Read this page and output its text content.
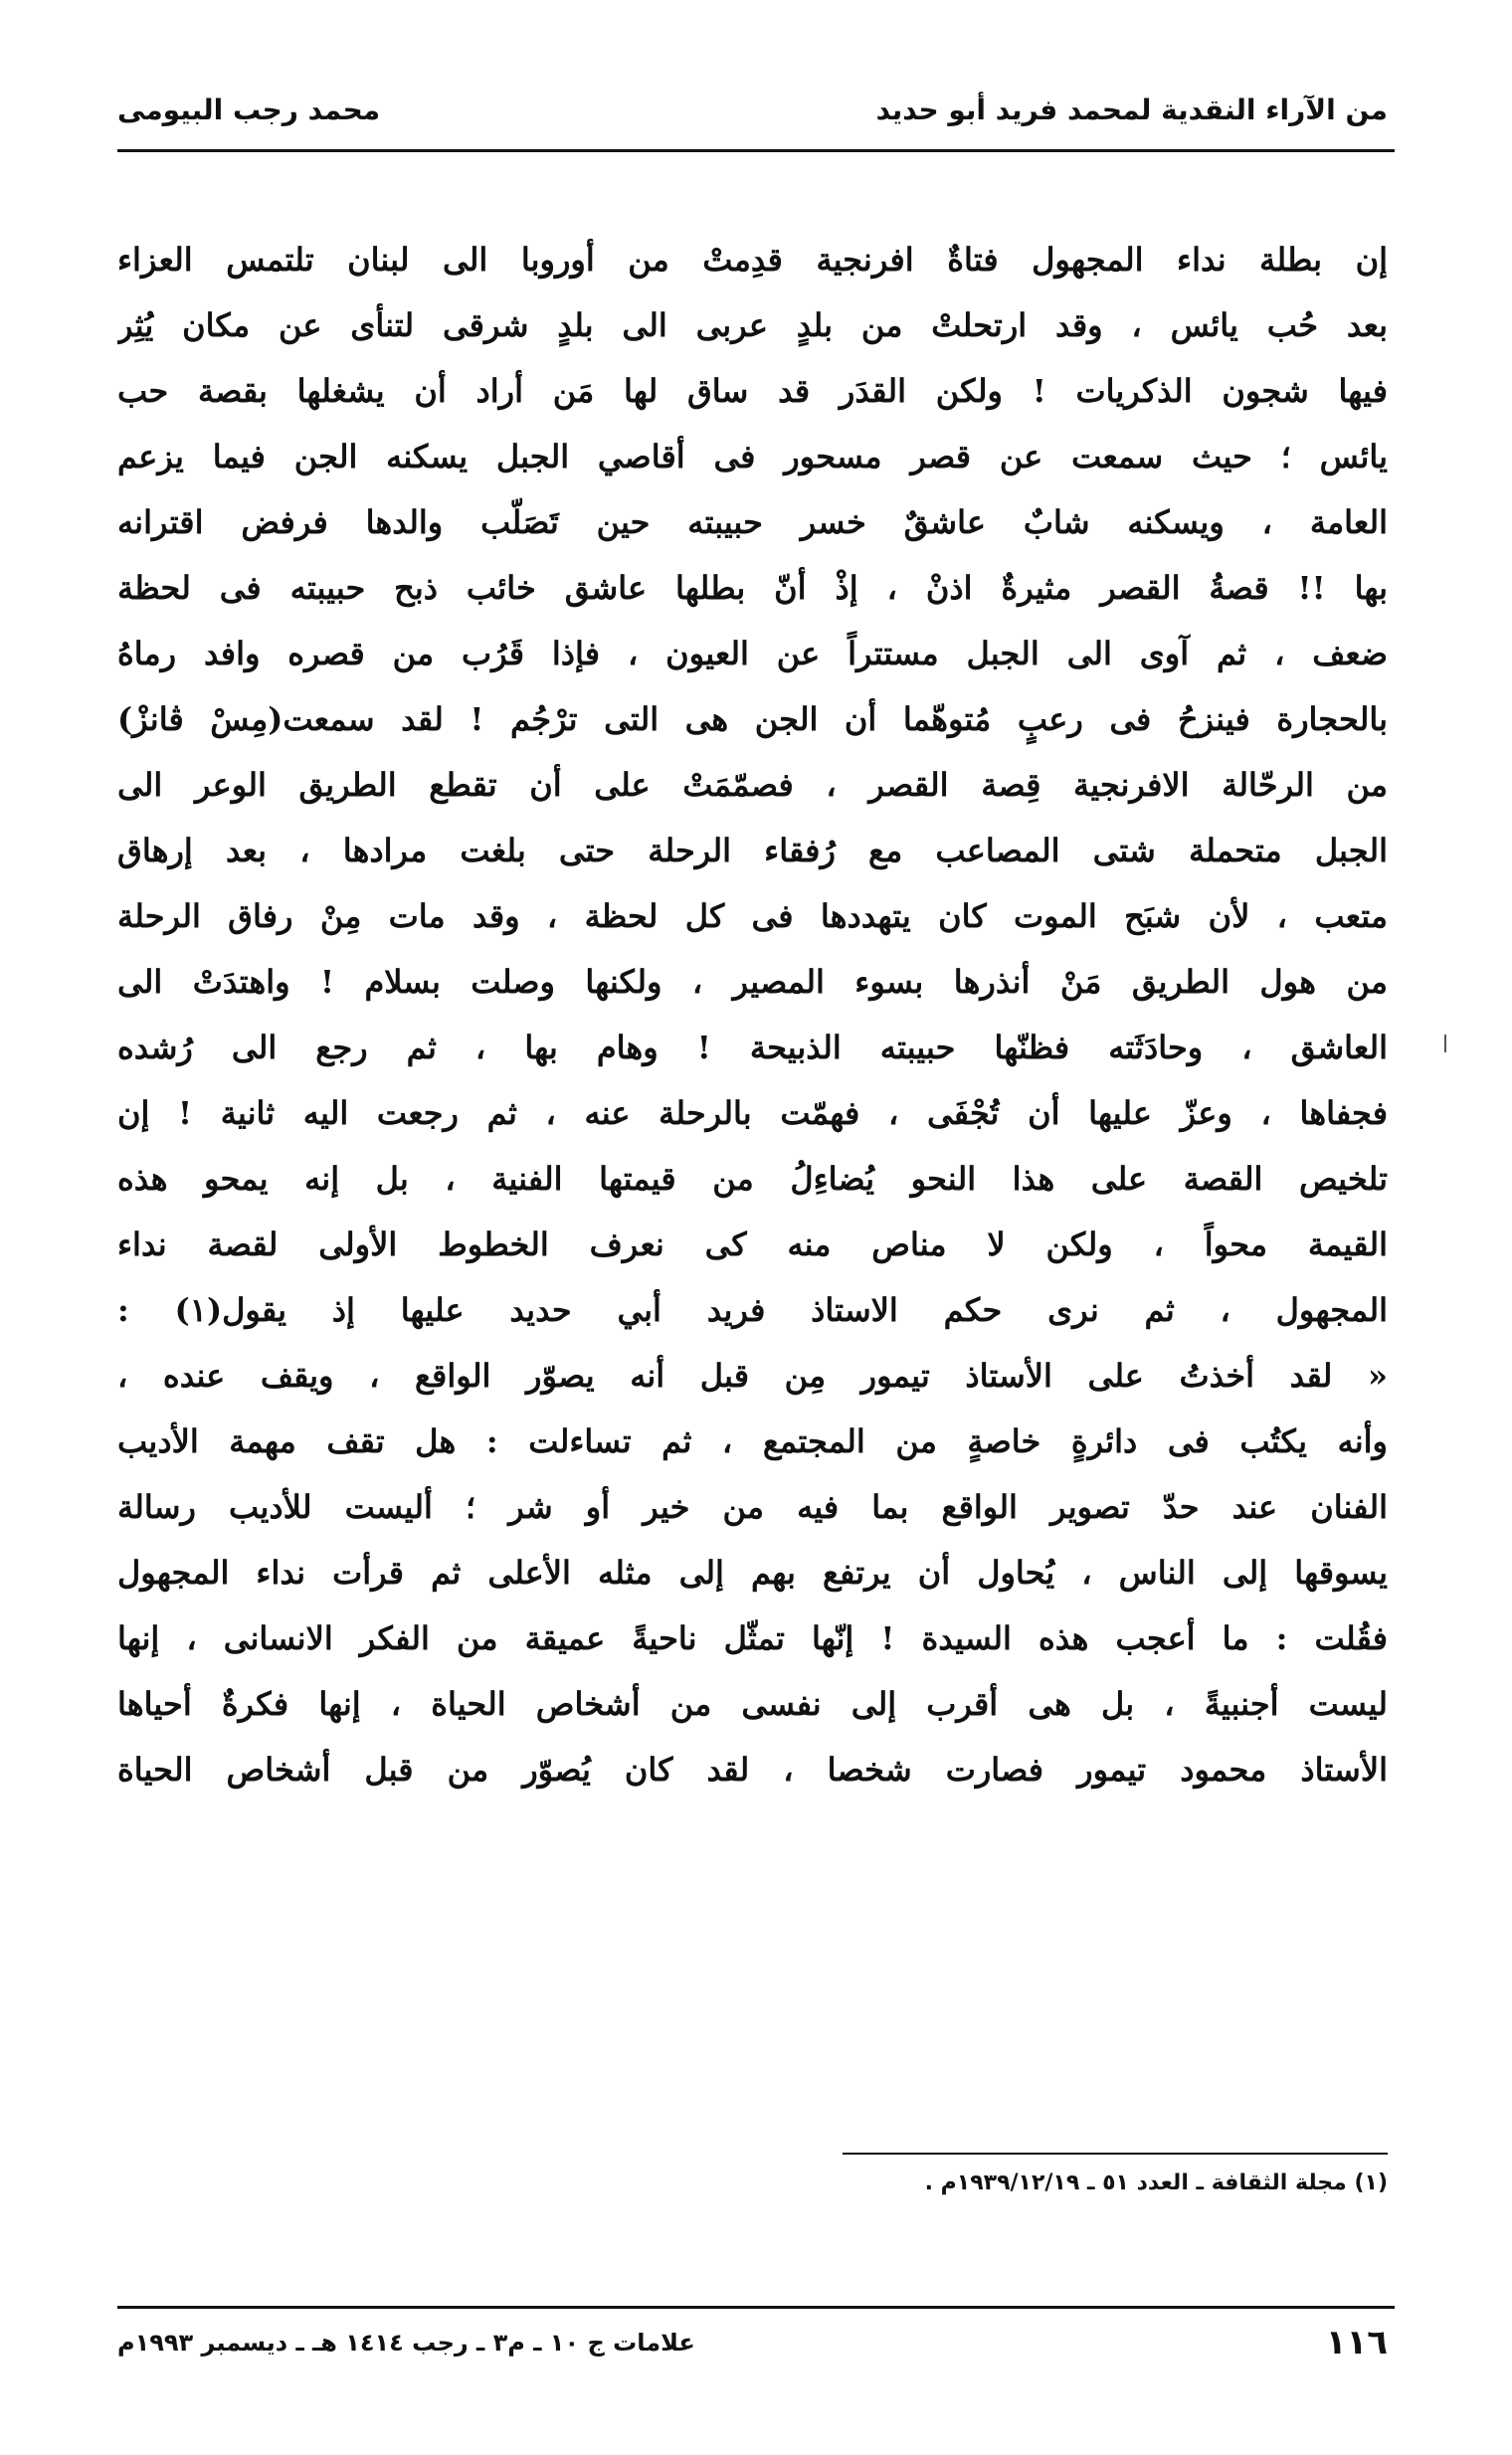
من الآراء النقدية لمحمد فريد أبو حديد
محمد رجب البيومى
إن بطلة نداء المجهول فتاةٌ افرنجية قدِمتْ من أوروبا الى لبنان تلتمس العزاء
بعد حُب يائس ، وقد ارتحلتْ من بلدٍ عربى الى بلدٍ شرقى لتنأى عن مكان يُثِر
فيها شجون الذكريات ! ولكن القدَر قد ساق لها مَن أراد أن يشغلها بقصة حب
يائس ؛ حيث سمعت عن قصر مسحور فى أقاصي الجبل يسكنه الجن فيما يزعم
العامة ، ويسكنه شابٌ عاشقٌ خسر حبيبته حين تَصَلّب والدها فرفض اقترانه
بها !! قصةُ القصر مثيرةٌ اذنْ ، إذْ أنّ بطلها عاشق خائب ذبح حبيبته فى لحظة
ضعف ، ثم آوى الى الجبل مستتراً عن العيون ، فإذا قَرُب من قصره وافد رماهُ
بالحجارة فينزحُ فى رعبٍ مُتوهّما أن الجن هى التى ترْجُم ! لقد سمعت(مِسْ ڤانزْ)
من الرحّالة الافرنجية قِصة القصر ، فصمّمَتْ على أن تقطع الطريق الوعر الى
الجبل متحملة شتى المصاعب مع رُفقاء الرحلة حتى بلغت مرادها ، بعد إرهاق
متعب ، لأن شبَح الموت كان يتهددها فى كل لحظة ، وقد مات مِنْ رفاق الرحلة
من هول الطريق مَنْ أنذرها بسوء المصير ، ولكنها وصلت بسلام ! واهتدَتْ الى
العاشق ، وحادَثَته فظنّها حبيبته الذبيحة ! وهام بها ، ثم رجع الى رُشده
فجفاها ، وعزّ عليها أن تُجْفَى ، فهمّت بالرحلة عنه ، ثم رجعت اليه ثانية ! إن
تلخيص القصة على هذا النحو يُضاءِلُ من قيمتها الفنية ، بل إنه يمحو هذه
القيمة محواً ، ولكن لا مناص منه كى نعرف الخطوط الأولى لقصة نداء
المجهول ، ثم نرى حكم الاستاذ فريد أبي حديد عليها إذ يقول(١) :
« لقد أخذتُ على الأستاذ تيمور مِن قبل أنه يصوّر الواقع ، ويقف عنده ،
وأنه يكتُب فى دائرةٍ خاصةٍ من المجتمع ، ثم تساءلت : هل تقف مهمة الأديب
الفنان عند حدّ تصوير الواقع بما فيه من خير أو شر ؛ أليست للأديب رسالة
يسوقها إلى الناس ، يُحاول أن يرتفع بهم إلى مثله الأعلى ثم قرأت نداء المجهول
فقُلت : ما أعجب هذه السيدة ! إنّها تمثّل ناحيةً عميقة من الفكر الانسانى ، إنها
ليست أجنبيةً ، بل هى أقرب إلى نفسى من أشخاص الحياة ، إنها فكرةٌ أحياها
الأستاذ محمود تيمور فصارت شخصا ، لقد كان يُصوّر من قبل أشخاص الحياة
(١) مجلة الثقافة ـ العدد ٥١ ـ ١٩٣٩/١٢/١٩م .
١١٦
علامات ج ١٠ ـ م٣ ـ رجب ١٤١٤ هـ ـ ديسمبر ١٩٩٣م
